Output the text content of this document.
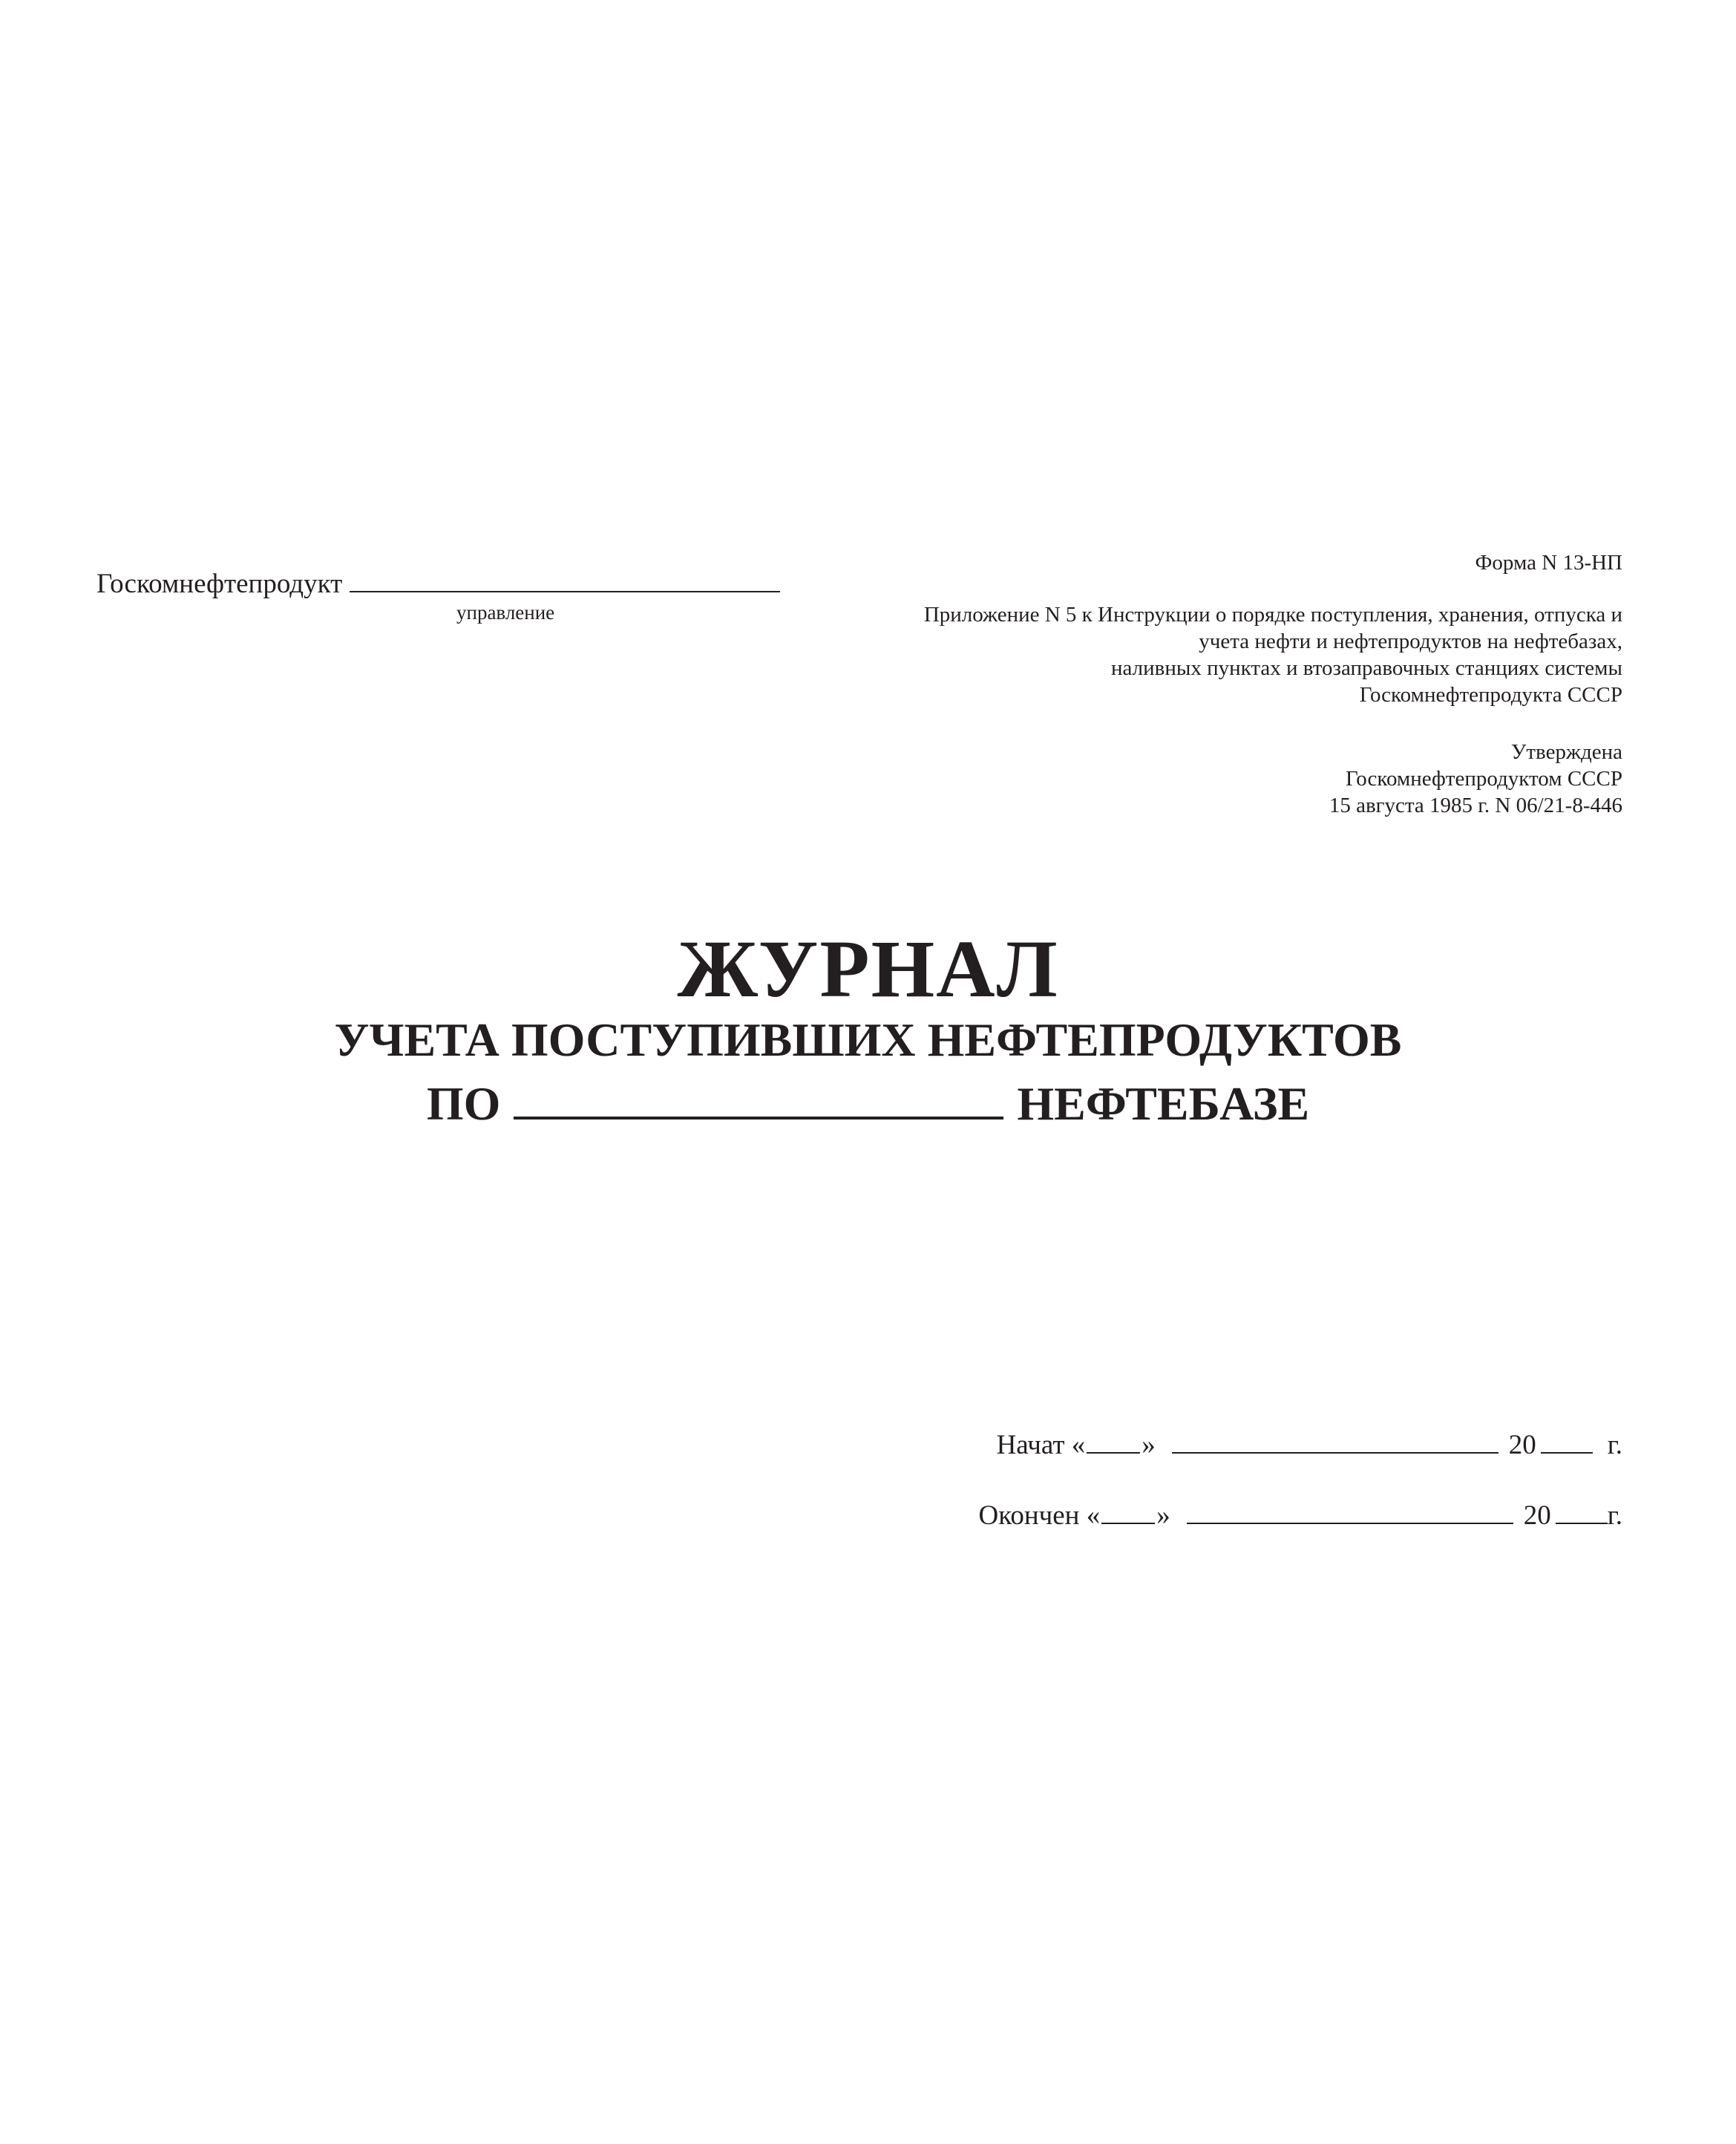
Госкомнефтепродукт
управление
Форма N 13-НП
Приложение N 5 к Инструкции о порядке поступления, хранения, отпуска и
учета нефти и нефтепродуктов на нефтебазах,
наливных пунктах и втозаправочных станциях системы
Госкомнефтепродукта СССР
Утверждена
Госкомнефтепродуктом СССР
15 августа 1985 г. N 06/21-8-446
ЖУРНАЛ
УЧЕТА ПОСТУПИВШИХ НЕФТЕПРОДУКТОВ
ПО	НЕФТЕБАЗЕ
Начат « »	20	г.
Окончен « »	20 г.
